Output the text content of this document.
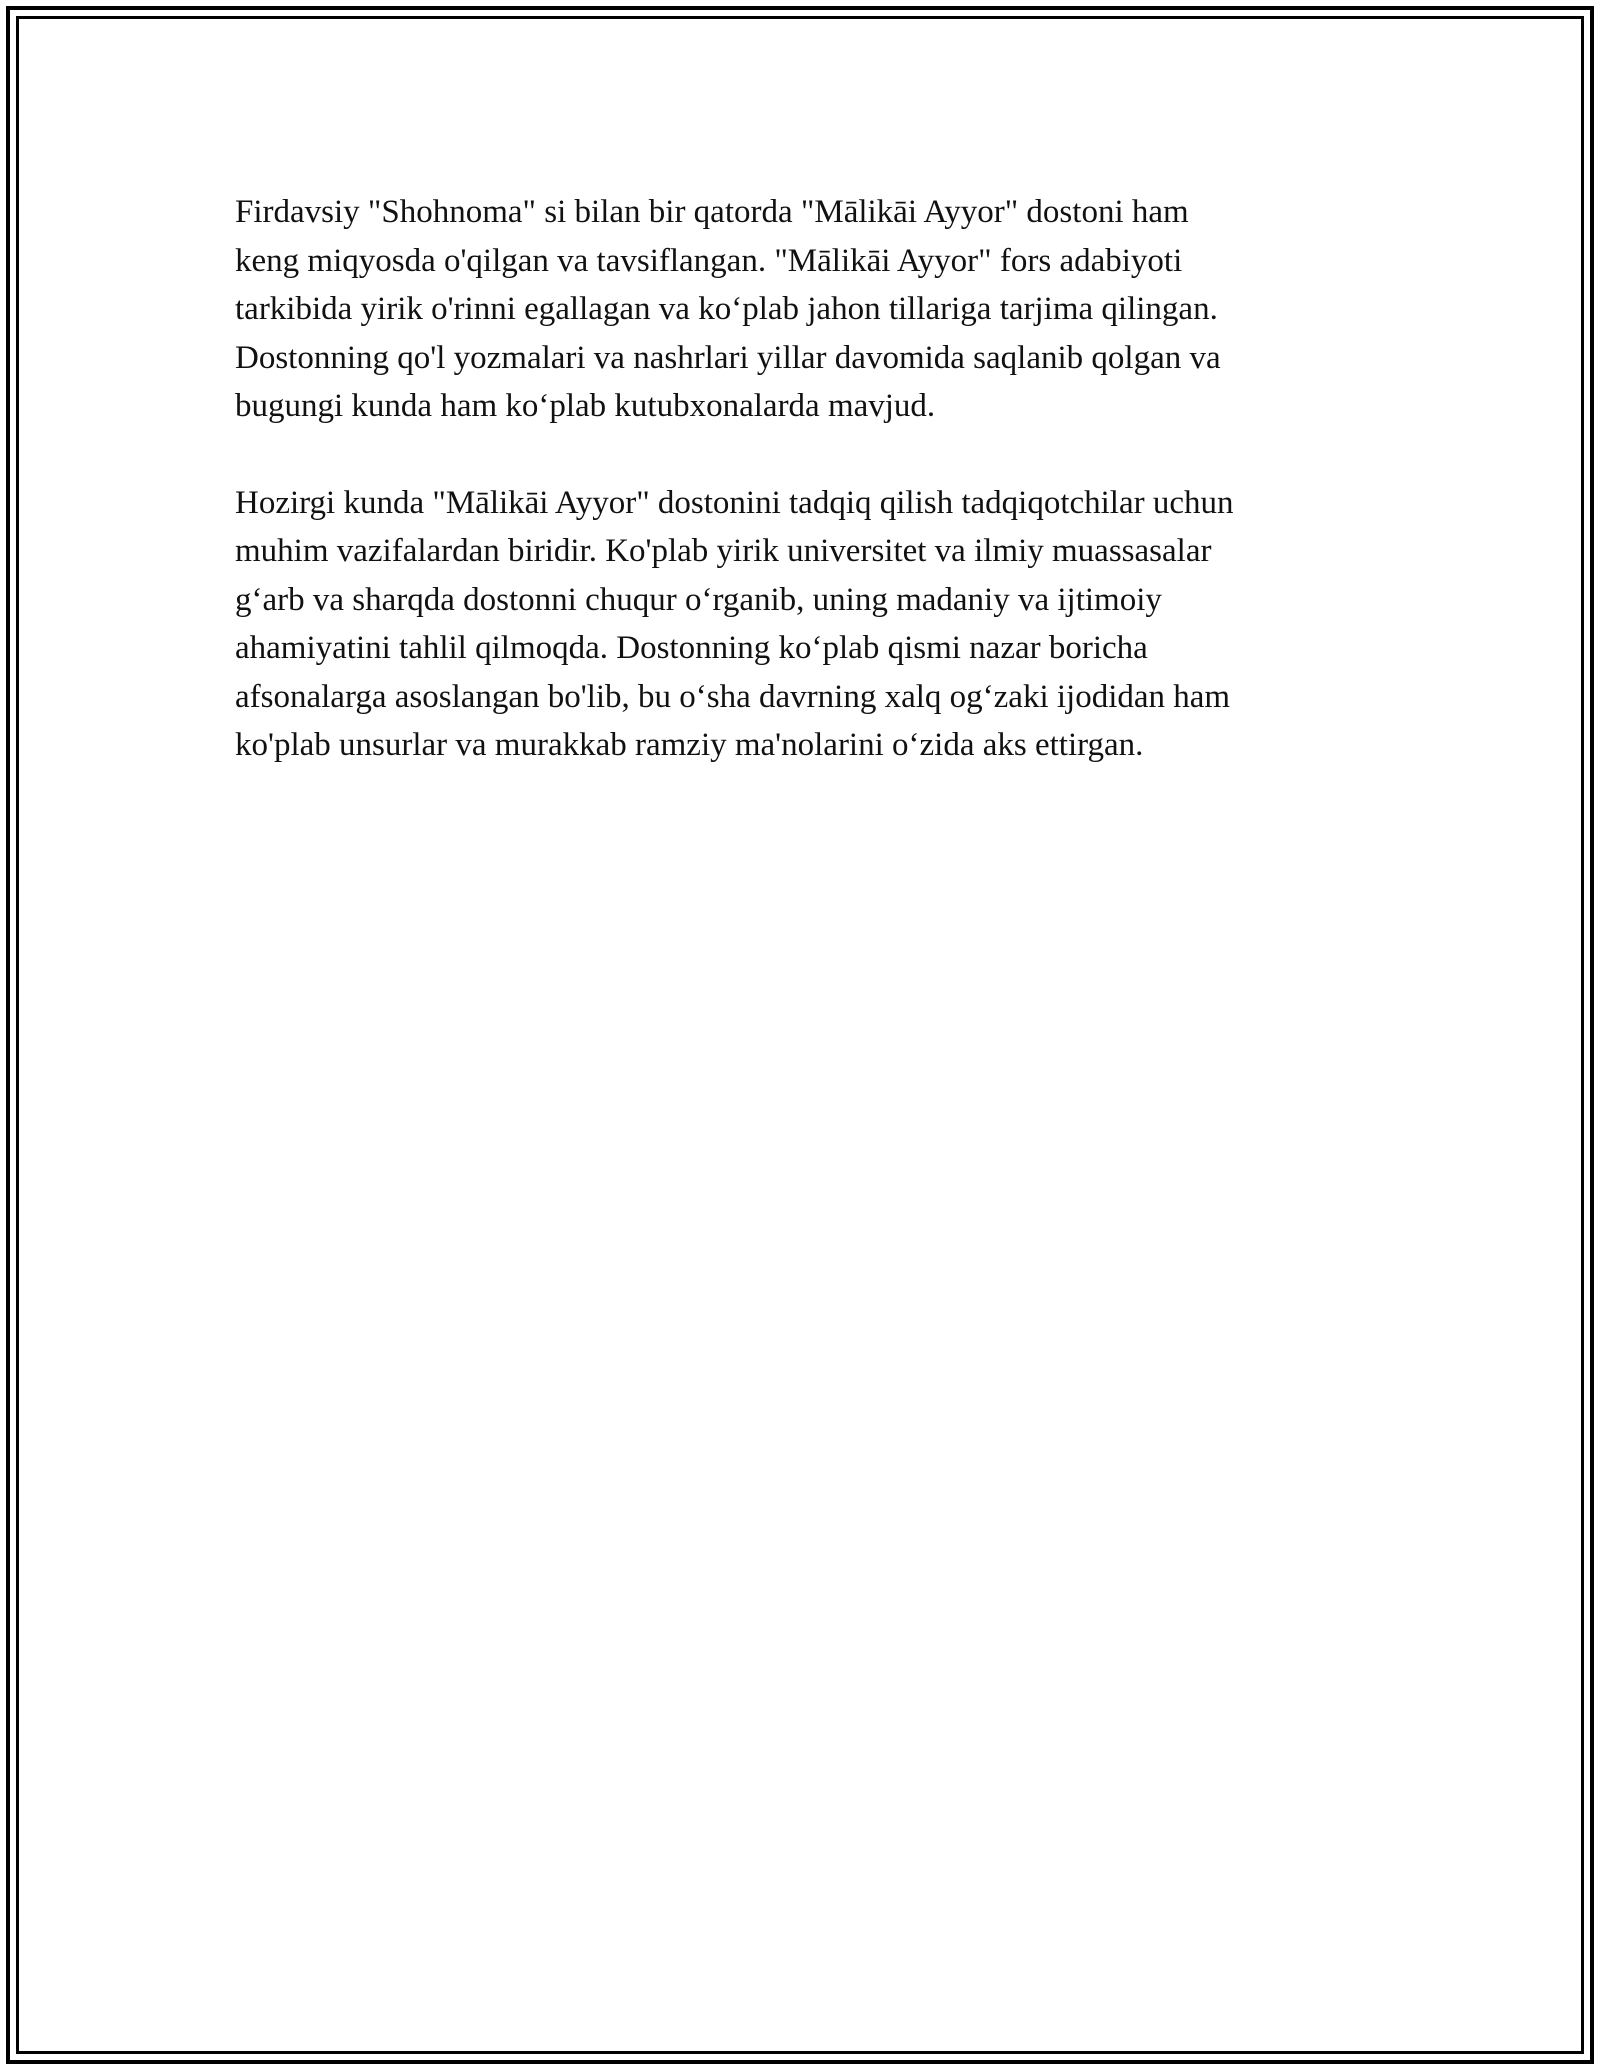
Firdavsiy "Shohnoma" si bilan bir qatorda "Mālikāi Ayyor" dostoni ham
keng miqyosda o'qilgan va tavsiflangan. "Mālikāi Ayyor" fors adabiyoti
tarkibida yirik o'rinni egallagan va ko‘plab jahon tillariga tarjima qilingan.
Dostonning qo'l yozmalari va nashrlari yillar davomida saqlanib qolgan va
bugungi kunda ham ko‘plab kutubxonalarda mavjud.

Hozirgi kunda "Mālikāi Ayyor" dostonini tadqiq qilish tadqiqotchilar uchun
muhim vazifalardan biridir. Ko'plab yirik universitet va ilmiy muassasalar
g‘arb va sharqda dostonni chuqur o‘rganib, uning madaniy va ijtimoiy
ahamiyatini tahlil qilmoqda. Dostonning ko‘plab qismi nazar boricha
afsonalarga asoslangan bo'lib, bu o‘sha davrning xalq og‘zaki ijodidan ham
ko'plab unsurlar va murakkab ramziy ma'nolarini o‘zida aks ettirgan.
